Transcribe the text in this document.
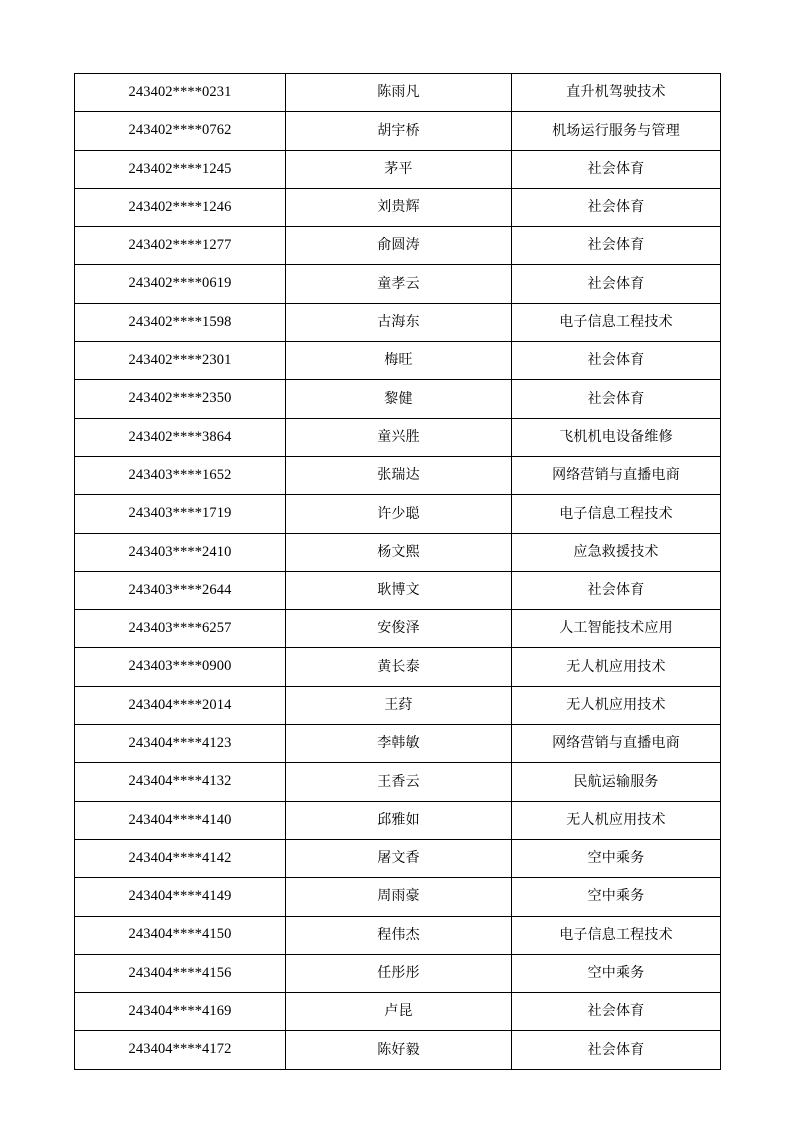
243402****0231	陈雨凡	直升机驾驶技术
243402****0762	胡宇桥	机场运行服务与管理
243402****1245	茅平	社会体育
243402****1246	刘贵辉	社会体育
243402****1277	俞圆涛	社会体育
243402****0619	童孝云	社会体育
243402****1598	古海东	电子信息工程技术
243402****2301	梅旺	社会体育
243402****2350	黎健	社会体育
243402****3864	童兴胜	飞机机电设备维修
243403****1652	张瑞达	网络营销与直播电商
243403****1719	许少聪	电子信息工程技术
243403****2410	杨文熙	应急救援技术
243403****2644	耿博文	社会体育
243403****6257	安俊泽	人工智能技术应用
243403****0900	黄长泰	无人机应用技术
243404****2014	王荮	无人机应用技术
243404****4123	李韩敏	网络营销与直播电商
243404****4132	王香云	民航运输服务
243404****4140	邱雅如	无人机应用技术
243404****4142	屠文香	空中乘务
243404****4149	周雨豪	空中乘务
243404****4150	程伟杰	电子信息工程技术
243404****4156	任彤彤	空中乘务
243404****4169	卢昆	社会体育
243404****4172	陈好毅	社会体育
